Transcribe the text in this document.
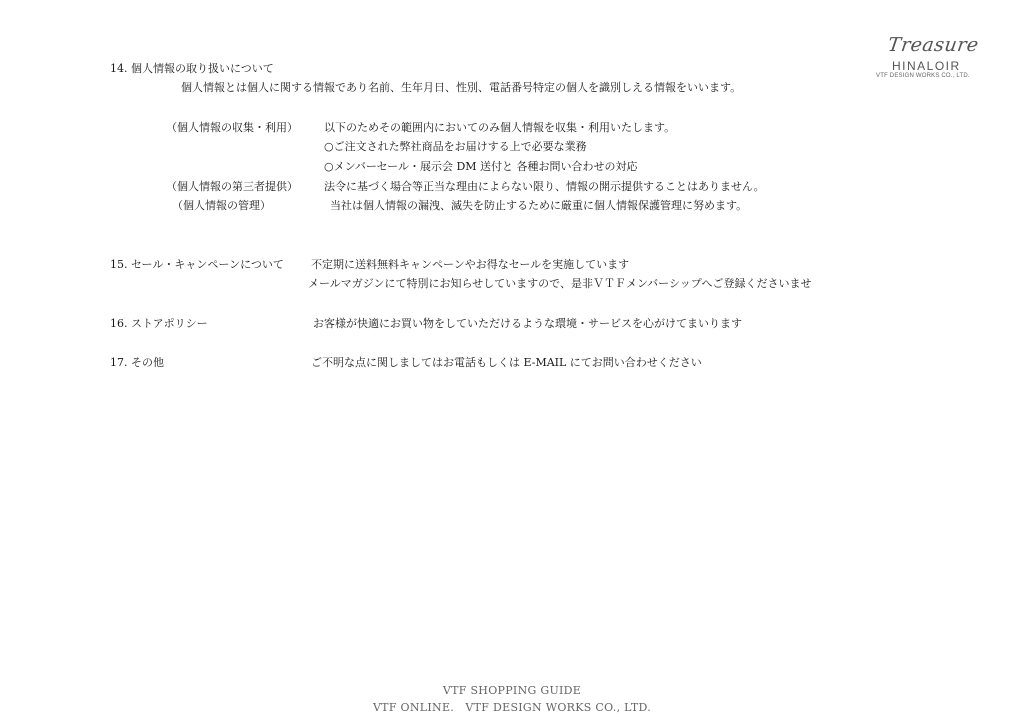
Treasure
HINALOIR
VTF DESIGN WORKS CO., LTD.
14. 個人情報の取り扱いについて
個人情報とは個人に関する情報であり名前、生年月日、性別、電話番号特定の個人を識別しえる情報をいいます。
（個人情報の収集・利用） 以下のためその範囲内においてのみ個人情報を収集・利用いたします。
○ご注文された弊社商品をお届けする上で必要な業務
○メンバーセール・展示会 DM 送付と 各種お問い合わせの対応
（個人情報の第三者提供） 法令に基づく場合等正当な理由によらない限り、情報の開示提供することはありません。
（個人情報の管理）	当社は個人情報の漏洩、滅失を防止するために厳重に個人情報保護管理に努めます。
15. セール・キャンペーンについて 不定期に送料無料キャンペーンやお得なセールを実施しています
メールマガジンにて特別にお知らせしていますので、是非ＶＴＦメンバーシップへご登録くださいませ
16. ストアポリシー	お客様が快適にお買い物をしていただけるような環境・サービスを心がけてまいります
17. その他	ご不明な点に関しましてはお電話もしくは E-MAIL にてお問い合わせください
VTF SHOPPING GUIDE
VTF ONLINE.　VTF DESIGN WORKS CO., LTD.
